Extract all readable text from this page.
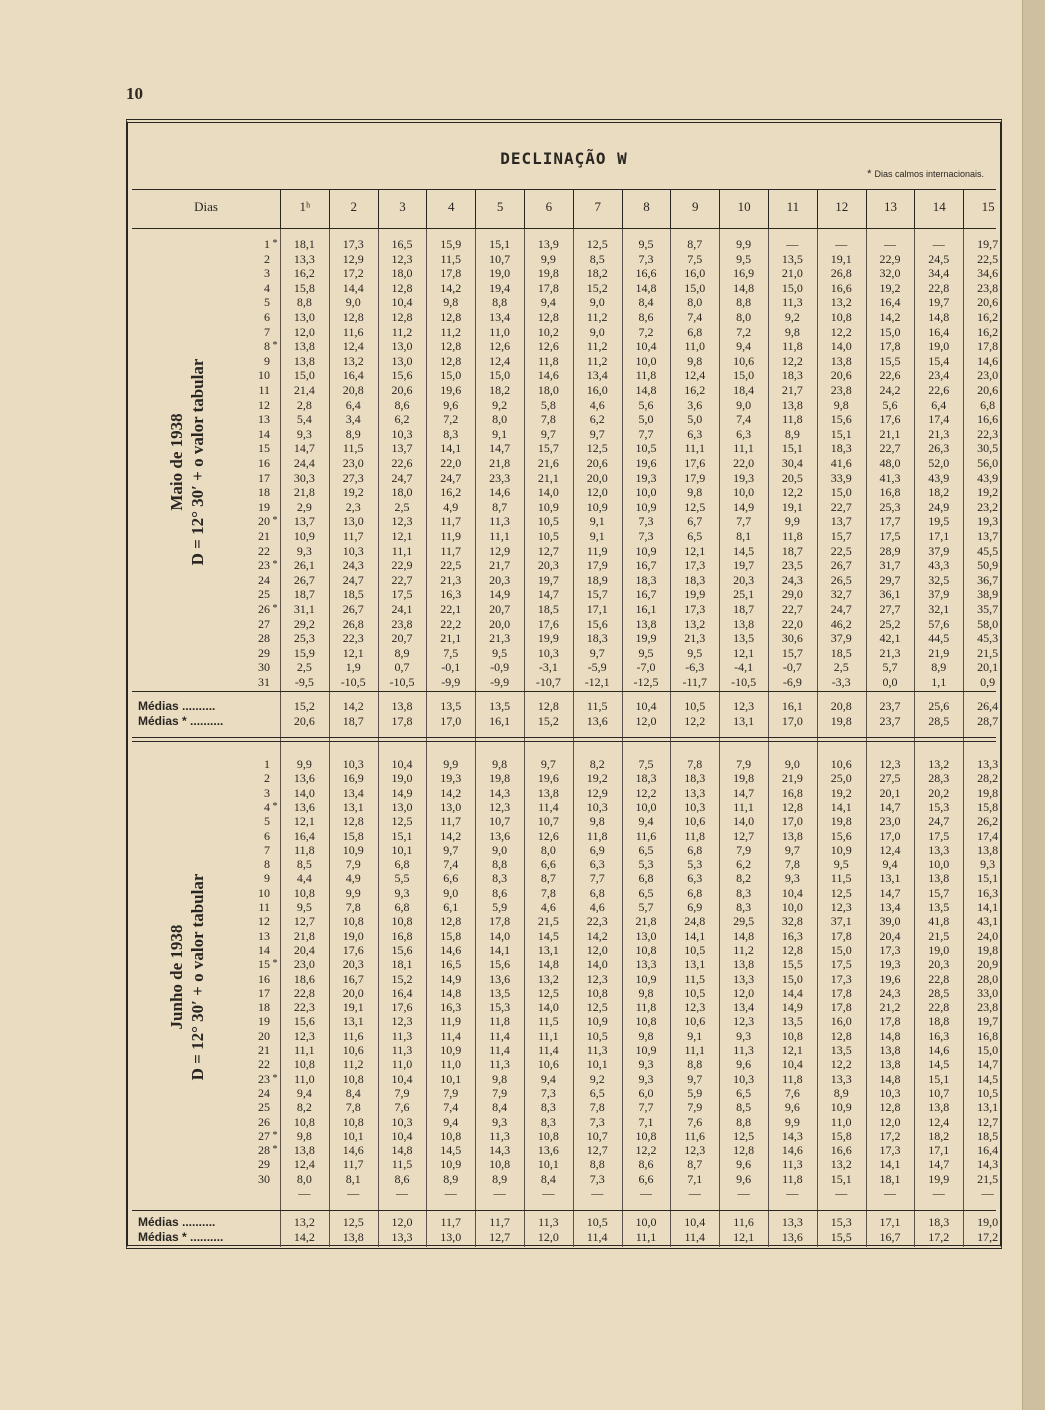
10
DECLINAÇÃO W
* Dias calmos internacionais.
Dias	1ʰ	2	3	4	5	6	7	8	9	10	11	12	13	14	15
Maio de 1938 D = 12° 30′ + o valor tabular
1 *	18,1	17,3	16,5	15,9	15,1	13,9	12,5	9,5	8,7	9,9	—	—	—	—	19,7
2	13,3	12,9	12,3	11,5	10,7	9,9	8,5	7,3	7,5	9,5	13,5	19,1	22,9	24,5	22,5
3	16,2	17,2	18,0	17,8	19,0	19,8	18,2	16,6	16,0	16,9	21,0	26,8	32,0	34,4	34,6
4	15,8	14,4	12,8	14,2	19,4	17,8	15,2	14,8	15,0	14,8	15,0	16,6	19,2	22,8	23,8
5	8,8	9,0	10,4	9,8	8,8	9,4	9,0	8,4	8,0	8,8	11,3	13,2	16,4	19,7	20,6
6	13,0	12,8	12,8	12,8	13,4	12,8	11,2	8,6	7,4	8,0	9,2	10,8	14,2	14,8	16,2
7	12,0	11,6	11,2	11,2	11,0	10,2	9,0	7,2	6,8	7,2	9,8	12,2	15,0	16,4	16,2
8 *	13,8	12,4	13,0	12,8	12,6	12,6	11,2	10,4	11,0	9,4	11,8	14,0	17,8	19,0	17,8
9	13,8	13,2	13,0	12,8	12,4	11,8	11,2	10,0	9,8	10,6	12,2	13,8	15,5	15,4	14,6
10	15,0	16,4	15,6	15,0	15,0	14,6	13,4	11,8	12,4	15,0	18,3	20,6	22,6	23,4	23,0
11	21,4	20,8	20,6	19,6	18,2	18,0	16,0	14,8	16,2	18,4	21,7	23,8	24,2	22,6	20,6
12	2,8	6,4	8,6	9,6	9,2	5,8	4,6	5,6	3,6	9,0	13,8	9,8	5,6	6,4	6,8
13	5,4	3,4	6,2	7,2	8,0	7,8	6,2	5,0	5,0	7,4	11,8	15,6	17,6	17,4	16,6
14	9,3	8,9	10,3	8,3	9,1	9,7	9,7	7,7	6,3	6,3	8,9	15,1	21,1	21,3	22,3
15	14,7	11,5	13,7	14,1	14,7	15,7	12,5	10,5	11,1	11,1	15,1	18,3	22,7	26,3	30,5
16	24,4	23,0	22,6	22,0	21,8	21,6	20,6	19,6	17,6	22,0	30,4	41,6	48,0	52,0	56,0
17	30,3	27,3	24,7	24,7	23,3	21,1	20,0	19,3	17,9	19,3	20,5	33,9	41,3	43,9	43,9
18	21,8	19,2	18,0	16,2	14,6	14,0	12,0	10,0	9,8	10,0	12,2	15,0	16,8	18,2	19,2
19	2,9	2,3	2,5	4,9	8,7	10,9	10,9	10,9	12,5	14,9	19,1	22,7	25,3	24,9	23,2
20 *	13,7	13,0	12,3	11,7	11,3	10,5	9,1	7,3	6,7	7,7	9,9	13,7	17,7	19,5	19,3
21	10,9	11,7	12,1	11,9	11,1	10,5	9,1	7,3	6,5	8,1	11,8	15,7	17,5	17,1	13,7
22	9,3	10,3	11,1	11,7	12,9	12,7	11,9	10,9	12,1	14,5	18,7	22,5	28,9	37,9	45,5
23 *	26,1	24,3	22,9	22,5	21,7	20,3	17,9	16,7	17,3	19,7	23,5	26,7	31,7	43,3	50,9
24	26,7	24,7	22,7	21,3	20,3	19,7	18,9	18,3	18,3	20,3	24,3	26,5	29,7	32,5	36,7
25	18,7	18,5	17,5	16,3	14,9	14,7	15,7	16,7	19,9	25,1	29,0	32,7	36,1	37,9	38,9
26 *	31,1	26,7	24,1	22,1	20,7	18,5	17,1	16,1	17,3	18,7	22,7	24,7	27,7	32,1	35,7
27	29,2	26,8	23,8	22,2	20,0	17,6	15,6	13,8	13,2	13,8	22,0	46,2	25,2	57,6	58,0
28	25,3	22,3	20,7	21,1	21,3	19,9	18,3	19,9	21,3	13,5	30,6	37,9	42,1	44,5	45,3
29	15,9	12,1	8,9	7,5	9,5	10,3	9,7	9,5	9,5	12,1	15,7	18,5	21,3	21,9	21,5
30	2,5	1,9	0,7	-0,1	-0,9	-3,1	-5,9	-7,0	-6,3	-4,1	-0,7	2,5	5,7	8,9	20,1
31	-9,5	-10,5	-10,5	-9,9	-9,9	-10,7	-12,1	-12,5	-11,7	-10,5	-6,9	-3,3	0,0	1,1	0,9
Médias ..........	15,2	14,2	13,8	13,5	13,5	12,8	11,5	10,4	10,5	12,3	16,1	20,8	23,7	25,6	26,4
Médias * ..........	20,6	18,7	17,8	17,0	16,1	15,2	13,6	12,0	12,2	13,1	17,0	19,8	23,7	28,5	28,7
Junho de 1938 D = 12° 30′ + o valor tabular
1	9,9	10,3	10,4	9,9	9,8	9,7	8,2	7,5	7,8	7,9	9,0	10,6	12,3	13,2	13,3
2	13,6	16,9	19,0	19,3	19,8	19,6	19,2	18,3	18,3	19,8	21,9	25,0	27,5	28,3	28,2
3	14,0	13,4	14,9	14,2	14,3	13,8	12,9	12,2	13,3	14,7	16,8	19,2	20,1	20,2	19,8
4 *	13,6	13,1	13,0	13,0	12,3	11,4	10,3	10,0	10,3	11,1	12,8	14,1	14,7	15,3	15,8
5	12,1	12,8	12,5	11,7	10,7	10,7	9,8	9,4	10,6	14,0	17,0	19,8	23,0	24,7	26,2
6	16,4	15,8	15,1	14,2	13,6	12,6	11,8	11,6	11,8	12,7	13,8	15,6	17,0	17,5	17,4
7	11,8	10,9	10,1	9,7	9,0	8,0	6,9	6,5	6,8	7,9	9,7	10,9	12,4	13,3	13,8
8	8,5	7,9	6,8	7,4	8,8	6,6	6,3	5,3	5,3	6,2	7,8	9,5	9,4	10,0	9,3
9	4,4	4,9	5,5	6,6	8,3	8,7	7,7	6,8	6,3	8,2	9,3	11,5	13,1	13,8	15,1
10	10,8	9,9	9,3	9,0	8,6	7,8	6,8	6,5	6,8	8,3	10,4	12,5	14,7	15,7	16,3
11	9,5	7,8	6,8	6,1	5,9	4,6	4,6	5,7	6,9	8,3	10,0	12,3	13,4	13,5	14,1
12	12,7	10,8	10,8	12,8	17,8	21,5	22,3	21,8	24,8	29,5	32,8	37,1	39,0	41,8	43,1
13	21,8	19,0	16,8	15,8	14,0	14,5	14,2	13,0	14,1	14,8	16,3	17,8	20,4	21,5	24,0
14	20,4	17,6	15,6	14,6	14,1	13,1	12,0	10,8	10,5	11,2	12,8	15,0	17,3	19,0	19,8
15 *	23,0	20,3	18,1	16,5	15,6	14,8	14,0	13,3	13,1	13,8	15,5	17,5	19,3	20,3	20,9
16	18,6	16,7	15,2	14,9	13,6	13,2	12,3	10,9	11,5	13,3	15,0	17,3	19,6	22,8	28,0
17	22,8	20,0	16,4	14,8	13,5	12,5	10,8	9,8	10,5	12,0	14,4	17,8	24,3	28,5	33,0
18	22,3	19,1	17,6	16,3	15,3	14,0	12,5	11,8	12,3	13,4	14,9	17,8	21,2	22,8	23,8
19	15,6	13,1	12,3	11,9	11,8	11,5	10,9	10,8	10,6	12,3	13,5	16,0	17,8	18,8	19,7
20	12,3	11,6	11,3	11,4	11,4	11,1	10,5	9,8	9,1	9,3	10,8	12,8	14,8	16,3	16,8
21	11,1	10,6	11,3	10,9	11,4	11,4	11,3	10,9	11,1	11,3	12,1	13,5	13,8	14,6	15,0
22	10,8	11,2	11,0	11,0	11,3	10,6	10,1	9,3	8,8	9,6	10,4	12,2	13,8	14,5	14,7
23 *	11,0	10,8	10,4	10,1	9,8	9,4	9,2	9,3	9,7	10,3	11,8	13,3	14,8	15,1	14,5
24	9,4	8,4	7,9	7,9	7,9	7,3	6,5	6,0	5,9	6,5	7,6	8,9	10,3	10,7	10,5
25	8,2	7,8	7,6	7,4	8,4	8,3	7,8	7,7	7,9	8,5	9,6	10,9	12,8	13,8	13,1
26	10,8	10,8	10,3	9,4	9,3	8,3	7,3	7,1	7,6	8,8	9,9	11,0	12,0	12,4	12,7
27 *	9,8	10,1	10,4	10,8	11,3	10,8	10,7	10,8	11,6	12,5	14,3	15,8	17,2	18,2	18,5
28 *	13,8	14,6	14,8	14,5	14,3	13,6	12,7	12,2	12,3	12,8	14,6	16,6	17,3	17,1	16,4
29	12,4	11,7	11,5	10,9	10,8	10,1	8,8	8,6	8,7	9,6	11,3	13,2	14,1	14,7	14,3
30	8,0	8,1	8,6	8,9	8,9	8,4	7,3	6,6	7,1	9,6	11,8	15,1	18,1	19,9	21,5
—	—	—	—	—	—	—	—	—	—	—	—	—	—	—
Médias ..........	13,2	12,5	12,0	11,7	11,7	11,3	10,5	10,0	10,4	11,6	13,3	15,3	17,1	18,3	19,0
Médias * ..........	14,2	13,8	13,3	13,0	12,7	12,0	11,4	11,1	11,4	12,1	13,6	15,5	16,7	17,2	17,2
